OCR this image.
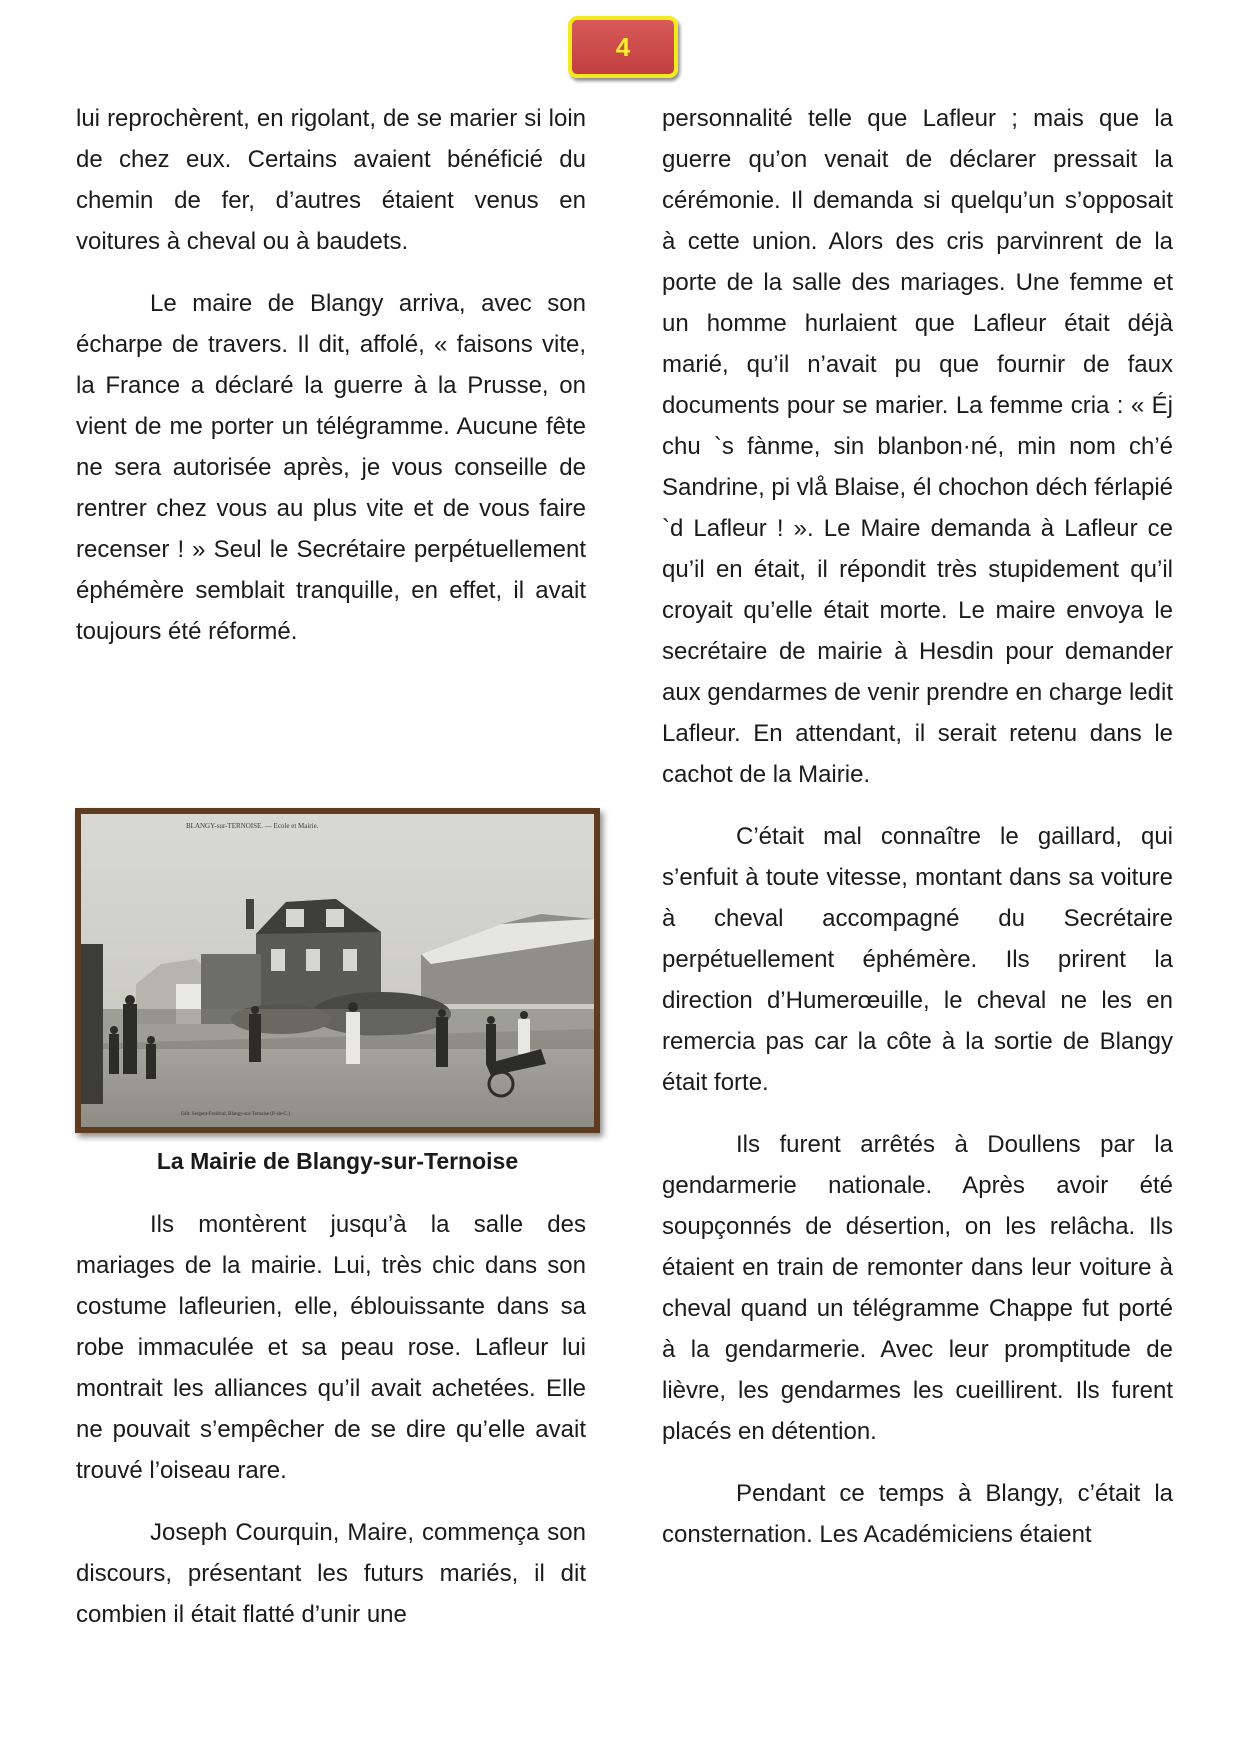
4

lui reprochèrent, en rigolant, de se marier si loin de chez eux. Certains avaient bénéficié du chemin de fer, d’autres étaient venus en voitures à cheval ou à baudets.

Le maire de Blangy arriva, avec son écharpe de travers. Il dit, affolé, « faisons vite, la France a déclaré la guerre à la Prusse, on vient de me porter un télégramme. Aucune fête ne sera autorisée après, je vous conseille de rentrer chez vous au plus vite et de vous faire recenser ! » Seul le Secrétaire perpétuellement éphémère semblait tranquille, en effet, il avait toujours été réformé.

BLANGY-sur-TERNOISE. — Ecole et Mairie.
Edit. Sergent-Froidval, Blangy-sur-Ternoise (P.-de-C.)
La Mairie de Blangy-sur-Ternoise

Ils montèrent jusqu’à la salle des mariages de la mairie. Lui, très chic dans son costume lafleurien, elle, éblouissante dans sa robe immaculée et sa peau rose. Lafleur lui montrait les alliances qu’il avait achetées. Elle ne pouvait s’empêcher de se dire qu’elle avait trouvé l’oiseau rare.

Joseph Courquin, Maire, commença son discours, présentant les futurs mariés, il dit combien il était flatté d’unir une

personnalité telle que Lafleur ; mais que la guerre qu’on venait de déclarer pressait la cérémonie. Il demanda si quelqu’un s’opposait à cette union. Alors des cris parvinrent de la porte de la salle des mariages. Une femme et un homme hurlaient que Lafleur était déjà marié, qu’il n’avait pu que fournir de faux documents pour se marier. La femme cria : « Éj chu `s fànme, sin blanbon·né, min nom ch’é Sandrine, pi vlå Blaise, él chochon déch férlapié `d Lafleur ! ». Le Maire demanda à Lafleur ce qu’il en était, il répondit très stupidement qu’il croyait qu’elle était morte. Le maire envoya le secrétaire de mairie à Hesdin pour demander aux gendarmes de venir prendre en charge ledit Lafleur. En attendant, il serait retenu dans le cachot de la Mairie.

C’était mal connaître le gaillard, qui s’enfuit à toute vitesse, montant dans sa voiture à cheval accompagné du Secrétaire perpétuellement éphémère. Ils prirent la direction d’Humerœuille, le cheval ne les en remercia pas car la côte à la sortie de Blangy était forte.

Ils furent arrêtés à Doullens par la gendarmerie nationale. Après avoir été soupçonnés de désertion, on les relâcha. Ils étaient en train de remonter dans leur voiture à cheval quand un télégramme Chappe fut porté à la gendarmerie. Avec leur promptitude de lièvre, les gendarmes les cueillirent. Ils furent placés en détention.

Pendant ce temps à Blangy, c’était la consternation. Les Académiciens étaient
